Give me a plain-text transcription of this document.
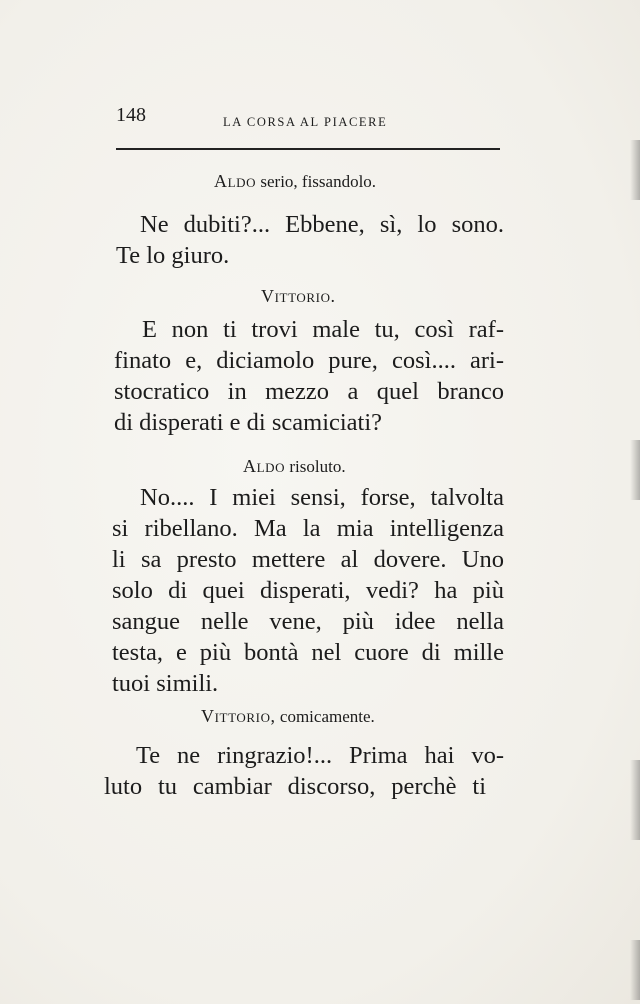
148	LA CORSA AL PIACERE
Aldo serio, fissandolo.
Ne dubiti?... Ebbene, sì, lo sono.
Te lo giuro.
Vittorio.
E non ti trovi male tu, così raf-
finato e, diciamolo pure, così.... ari-
stocratico in mezzo a quel branco
di disperati e di scamiciati?
Aldo risoluto.
No.... I miei sensi, forse, talvolta
si ribellano. Ma la mia intelligenza
li sa presto mettere al dovere. Uno
solo di quei disperati, vedi? ha più
sangue nelle vene, più idee nella
testa, e più bontà nel cuore di mille
tuoi simili.
Vittorio, comicamente.
Te ne ringrazio!... Prima hai vo-
luto tu cambiar discorso, perchè ti
